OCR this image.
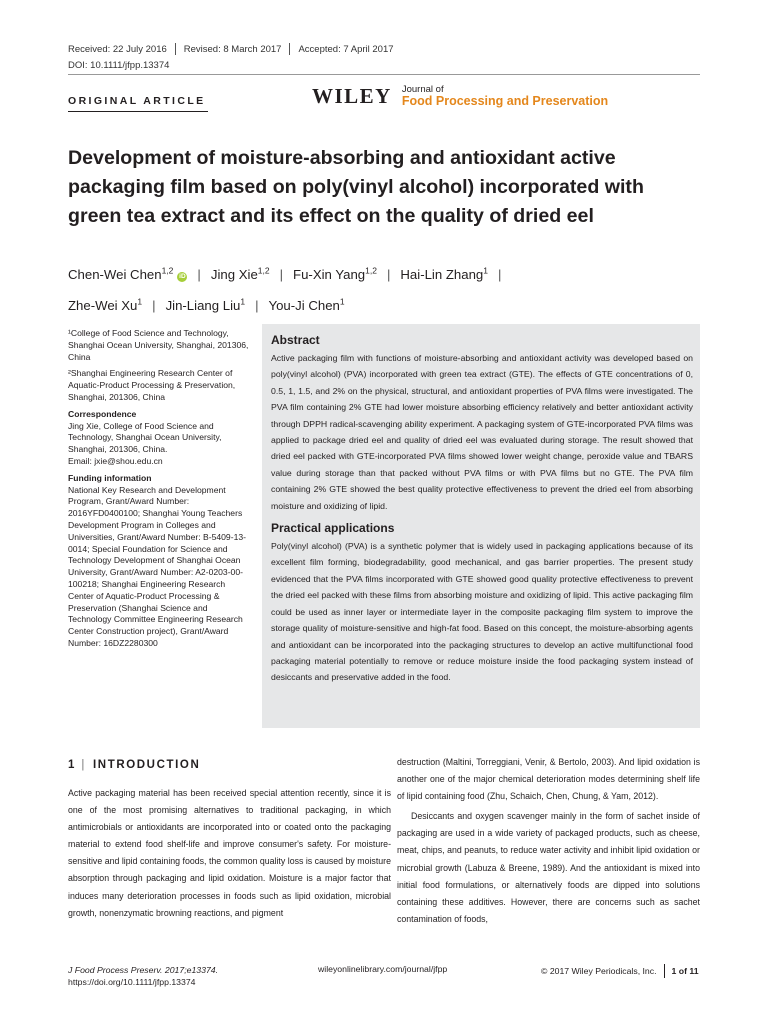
Received: 22 July 2016 Revised: 8 March 2017 Accepted: 7 April 2017
DOI: 10.1111/jfpp.13374
ORIGINAL ARTICLE	WILEY Journal of
Food Processing and Preservation
Development of moisture-absorbing and antioxidant active packaging film based on poly(vinyl alcohol) incorporated with green tea extract and its effect on the quality of dried eel
Chen-Wei Chen$^{1,2}$iD | Jing Xie$^{1,2}$ | Fu-Xin Yang$^{1,2}$ | Hai-Lin Zhang$^1$ |
Zhe-Wei Xu$^1$ | Jin-Liang Liu$^1$ | You-Ji Chen$^1$

¹College of Food Science and Technology, Shanghai Ocean University, Shanghai, 201306, China

²Shanghai Engineering Research Center of Aquatic-Product Processing & Preservation, Shanghai, 201306, China

Correspondence

Jing Xie, College of Food Science and Technology, Shanghai Ocean University, Shanghai, 201306, China.

Email: jxie@shou.edu.cn

Funding information

National Key Research and Development Program, Grant/Award Number: 2016YFD0400100; Shanghai Young Teachers Development Program in Colleges and Universities, Grant/Award Number: B-5409-13-0014; Special Foundation for Science and Technology Development of Shanghai Ocean University, Grant/Award Number: A2-0203-00-100218; Shanghai Engineering Research Center of Aquatic-Product Processing & Preservation (Shanghai Science and Technology Committee Engineering Research Center Construction project), Grant/Award Number: 16DZ2280300

Abstract

Active packaging film with functions of moisture-absorbing and antioxidant activity was developed based on poly(vinyl alcohol) (PVA) incorporated with green tea extract (GTE). The effects of GTE concentrations of 0, 0.5, 1, 1.5, and 2% on the physical, structural, and antioxidant properties of PVA films were investigated. The PVA film containing 2% GTE had lower moisture absorbing efficiency relatively and better antioxidant activity through DPPH radical-scavenging ability experiment. A packaging system of GTE-incorporated PVA films was applied to package dried eel and quality of dried eel was evaluated during storage. The result showed that dried eel packed with GTE-incorporated PVA films showed lower weight change, peroxide value and TBARS value during storage than that packed without PVA films or with PVA films but no GTE. The PVA film containing 2% GTE showed the best quality protective effectiveness to prevent the dried eel from absorbing moisture and oxidizing of lipid.

Practical applications

Poly(vinyl alcohol) (PVA) is a synthetic polymer that is widely used in packaging applications because of its excellent film forming, biodegradability, good mechanical, and gas barrier properties. The present study evidenced that the PVA films incorporated with GTE showed good quality protective effectiveness to prevent the dried eel packed with these films from absorbing moisture and oxidizing of lipid. This active packaging film could be used as inner layer or intermediate layer in the composite packaging film system to improve the storage quality of moisture-sensitive and high-fat food. Based on this concept, the moisture-absorbing agents and antioxidant can be incorporated into the packaging structures to develop an active multifunctional food packaging material potentially to remove or reduce moisture inside the food packaging system instead of desiccants and preservative added in the food.

1 | INTRODUCTION

Active packaging material has been received special attention recently, since it is one of the most promising alternatives to traditional packaging, in which antimicrobials or antioxidants are incorporated into or coated onto the packaging material to extend food shelf-life and improve consumer's safety. For moisture-sensitive and lipid containing foods, the common quality loss is caused by moisture absorption through packaging and lipid oxidation. Moisture is a major factor that induces many deterioration processes in foods such as lipid oxidation, microbial growth, nonenzymatic browning reactions, and pigment

destruction (Maltini, Torreggiani, Venir, & Bertolo, 2003). And lipid oxidation is another one of the major chemical deterioration modes determining shelf life of lipid containing food (Zhu, Schaich, Chen, Chung, & Yam, 2012).

Desiccants and oxygen scavenger mainly in the form of sachet inside of packaging are used in a wide variety of packaged products, such as cheese, meat, chips, and peanuts, to reduce water activity and inhibit lipid oxidation or microbial growth (Labuza & Breene, 1989). And the antioxidant is mixed into initial food formulations, or alternatively foods are dipped into solutions containing these additives. However, there are concerns such as sachet contamination of foods,

J Food Process Preserv. 2017;e13374.
https://doi.org/10.1111/jfpp.13374
wileyonlinelibrary.com/journal/jfpp	© 2017 Wiley Periodicals, Inc. 1 of 11
